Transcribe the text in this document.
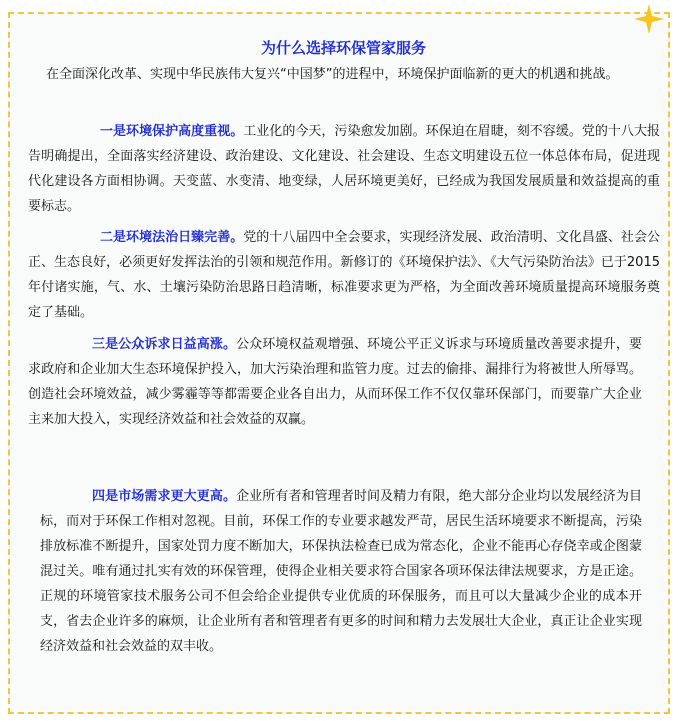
为什么选择环保管家服务

在全面深化改革、实现中华民族伟大复兴“中国梦”的进程中，环境保护面临新的更大的机遇和挑战。

一是环境保护高度重视。工业化的今天，污染愈发加剧。环保迫在眉睫，刻不容缓。党的十八大报告明确提出，全面落实经济建设、政治建设、文化建设、社会建设、生态文明建设五位一体总体布局，促进现代化建设各方面相协调。天变蓝、水变清、地变绿，人居环境更美好，已经成为我国发展质量和效益提高的重要标志。

二是环境法治日臻完善。党的十八届四中全会要求，实现经济发展、政治清明、文化昌盛、社会公正、生态良好，必须更好发挥法治的引领和规范作用。新修订的《环境保护法》、《大气污染防治法》已于2015年付诸实施，气、水、土壤污染防治思路日趋清晰，标准要求更为严格，为全面改善环境质量提高环境服务奠定了基础。

三是公众诉求日益高涨。公众环境权益观增强、环境公平正义诉求与环境质量改善要求提升，要求政府和企业加大生态环境保护投入，加大污染治理和监管力度。过去的偷排、漏排行为将被世人所辱骂。创造社会环境效益，减少雾霾等等都需要企业各自出力，从而环保工作不仅仅靠环保部门，而要靠广大企业主来加大投入，实现经济效益和社会效益的双赢。

四是市场需求更大更高。企业所有者和管理者时间及精力有限，绝大部分企业均以发展经济为目标，而对于环保工作相对忽视。目前，环保工作的专业要求越发严苛，居民生活环境要求不断提高，污染排放标准不断提升，国家处罚力度不断加大，环保执法检查已成为常态化，企业不能再心存侥幸或企图蒙混过关。唯有通过扎实有效的环保管理，使得企业相关要求符合国家各项环保法律法规要求，方是正途。正规的环境管家技术服务公司不但会给企业提供专业优质的环保服务，而且可以大量减少企业的成本开支，省去企业许多的麻烦，让企业所有者和管理者有更多的时间和精力去发展壮大企业，真正让企业实现经济效益和社会效益的双丰收。
